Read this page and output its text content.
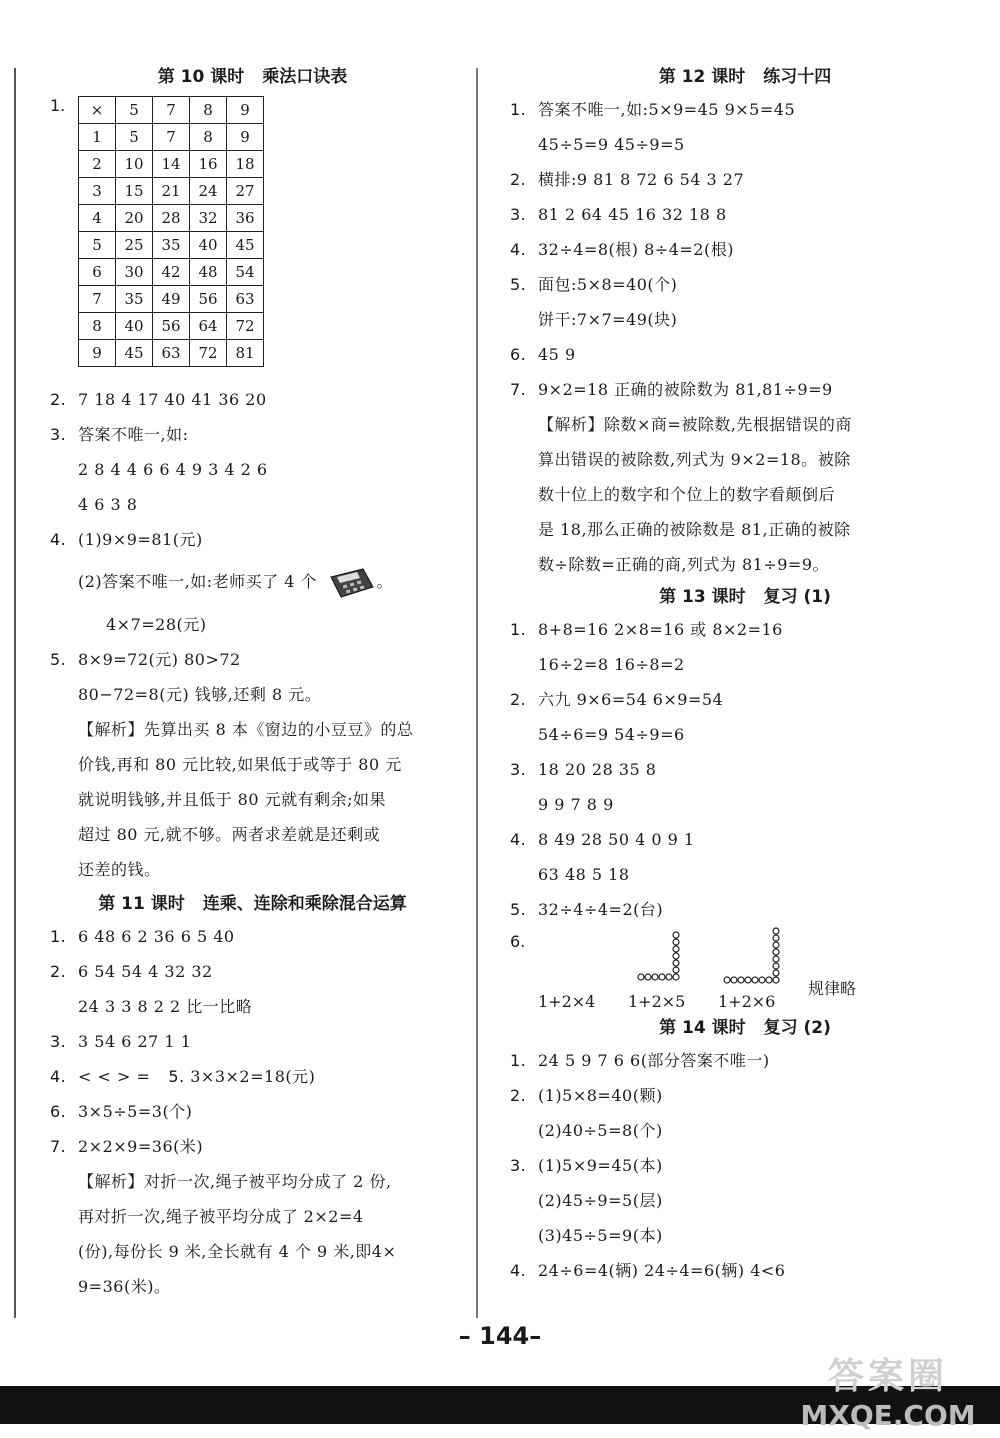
第 10 课时 乘法口诀表
1.	×	5	7	8	9
1	5	7	8	9
2	10	14	16	18
3	15	21	24	27
4	20	28	32	36
5	25	35	40	45
6	30	42	48	54
7	35	49	56	63
8	40	56	64	72
9	45	63	72	81
2. 7 18 4 17 40 41 36 20
3. 答案不唯一,如:
2 8 4 4 6 6 4 9 3 4 2 6
4 6 3 8
4. (1)9×9=81(元)
(2)答案不唯一,如:老师买了 4 个	。
4×7=28(元)
5. 8×9=72(元) 80>72
80−72=8(元) 钱够,还剩 8 元。
【解析】先算出买 8 本《窗边的小豆豆》的总
价钱,再和 80 元比较,如果低于或等于 80 元
就说明钱够,并且低于 80 元就有剩余;如果
超过 80 元,就不够。两者求差就是还剩或
还差的钱。
第 11 课时 连乘、连除和乘除混合运算
1. 6 48 6 2 36 6 5 40
2. 6 54 54 4 32 32
24 3 3 8 2 2 比一比略
3. 3 54 6 27 1 1
4. < < > = 5. 3×3×2=18(元)
6. 3×5÷5=3(个)
7. 2×2×9=36(米)
【解析】对折一次,绳子被平均分成了 2 份,
再对折一次,绳子被平均分成了 2×2=4
(份),每份长 9 米,全长就有 4 个 9 米,即4×
9=36(米)。
第 12 课时 练习十四
1. 答案不唯一,如:5×9=45 9×5=45
45÷5=9 45÷9=5
2. 横排:9 81 8 72 6 54 3 27
3. 81 2 64 45 16 32 18 8
4. 32÷4=8(根) 8÷4=2(根)
5. 面包:5×8=40(个)
饼干:7×7=49(块)
6. 45 9
7. 9×2=18 正确的被除数为 81,81÷9=9
【解析】除数×商=被除数,先根据错误的商
算出错误的被除数,列式为 9×2=18。被除
数十位上的数字和个位上的数字看颠倒后
是 18,那么正确的被除数是 81,正确的被除
数÷除数=正确的商,列式为 81÷9=9。
第 13 课时 复习 (1)
1. 8+8=16 2×8=16 或 8×2=16
16÷2=8 16÷8=2
2. 六九 9×6=54 6×9=54
54÷6=9 54÷9=6
3. 18 20 28 35 8
9 9 7 8 9
4. 8 49 28 50 4 0 9 1
63 48 5 18
5. 32÷4÷4=2(台)
6.
1+2×4 1+2×5 1+2×6
规律略
第 14 课时 复习 (2)
1. 24 5 9 7 6 6(部分答案不唯一)
2. (1)5×8=40(颗)
(2)40÷5=8(个)
3. (1)5×9=45(本)
(2)45÷9=5(层)
(3)45÷5=9(本)
4. 24÷6=4(辆) 24÷4=6(辆) 4<6
– 144–
答案圈
MXQE.COM
